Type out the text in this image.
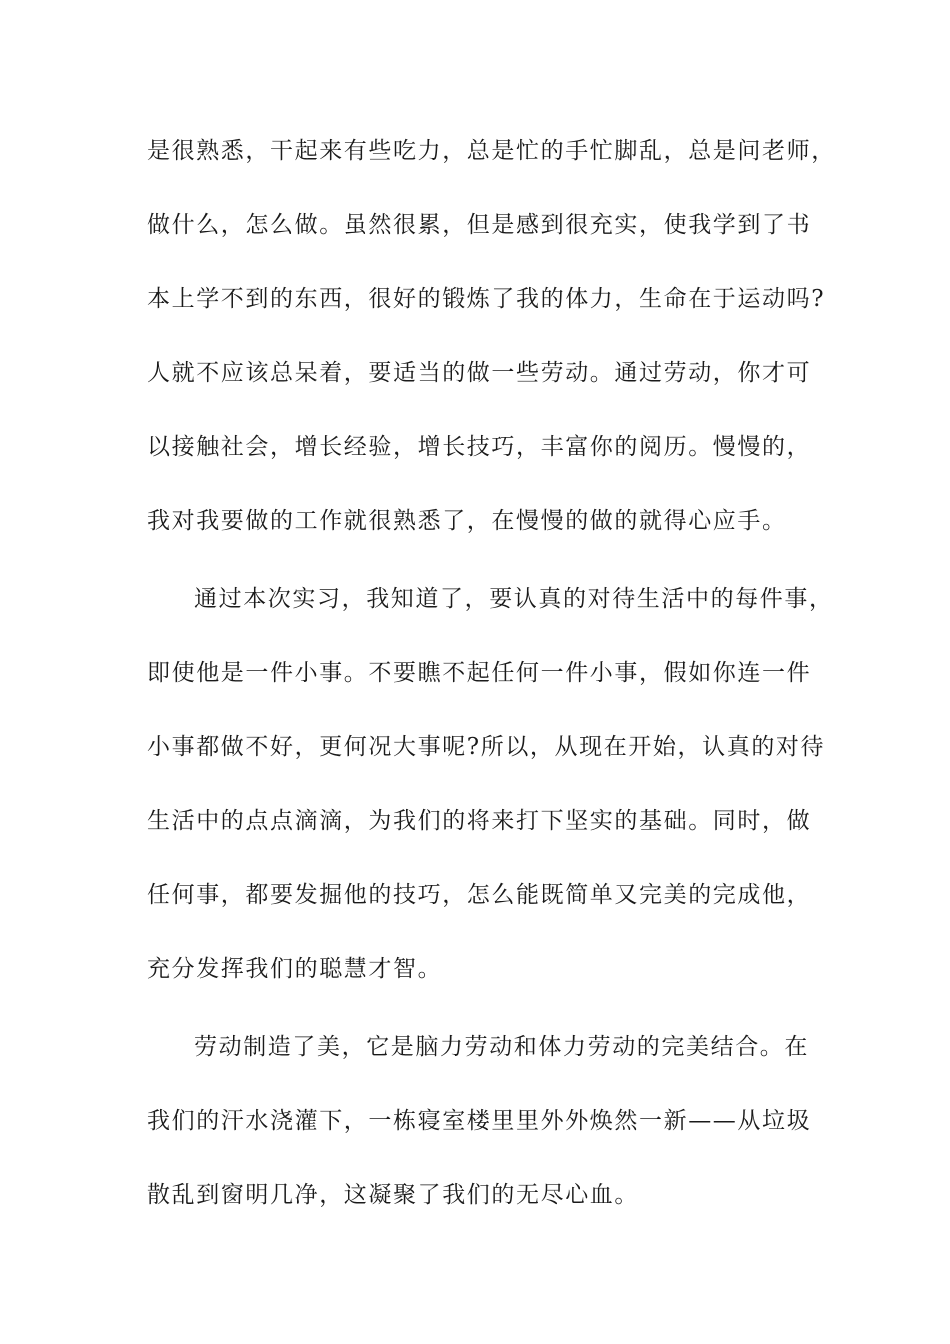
是很熟悉，干起来有些吃力，总是忙的手忙脚乱，总是问老师，
做什么，怎么做。虽然很累，但是感到很充实，使我学到了书
本上学不到的东西，很好的锻炼了我的体力，生命在于运动吗?
人就不应该总呆着，要适当的做一些劳动。通过劳动，你才可
以接触社会，增长经验，增长技巧，丰富你的阅历。慢慢的，
我对我要做的工作就很熟悉了，在慢慢的做的就得心应手。
通过本次实习，我知道了，要认真的对待生活中的每件事，
即使他是一件小事。不要瞧不起任何一件小事，假如你连一件
小事都做不好，更何况大事呢?所以，从现在开始，认真的对待
生活中的点点滴滴，为我们的将来打下坚实的基础。同时，做
任何事，都要发掘他的技巧，怎么能既简单又完美的完成他，
充分发挥我们的聪慧才智。
劳动制造了美，它是脑力劳动和体力劳动的完美结合。在
我们的汗水浇灌下，一栋寝室楼里里外外焕然一新——从垃圾
散乱到窗明几净，这凝聚了我们的无尽心血。
